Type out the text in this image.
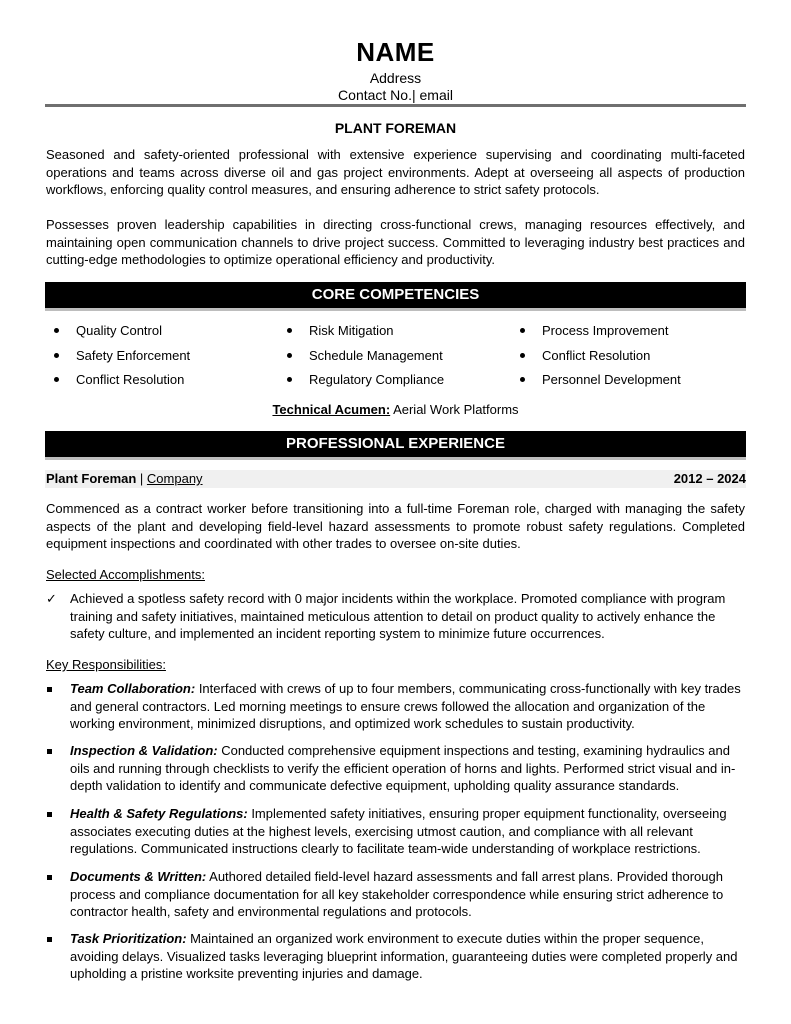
NAME
Address
Contact No.| email
PLANT FOREMAN

Seasoned and safety-oriented professional with extensive experience supervising and coordinating multi-faceted operations and teams across diverse oil and gas project environments. Adept at overseeing all aspects of production workflows, enforcing quality control measures, and ensuring adherence to strict safety protocols.

Possesses proven leadership capabilities in directing cross-functional crews, managing resources effectively, and maintaining open communication channels to drive project success. Committed to leveraging industry best practices and cutting-edge methodologies to optimize operational efficiency and productivity.

CORE COMPETENCIES
Quality Control
Safety Enforcement
Conflict Resolution
Risk Mitigation
Schedule Management
Regulatory Compliance
Process Improvement
Conflict Resolution
Personnel Development
Technical Acumen: Aerial Work Platforms
PROFESSIONAL EXPERIENCE
Plant Foreman | Company	2012 – 2024

Commenced as a contract worker before transitioning into a full-time Foreman role, charged with managing the safety aspects of the plant and developing field-level hazard assessments to promote robust safety regulations. Completed equipment inspections and coordinated with other trades to oversee on-site duties.

Selected Accomplishments:
✓ Achieved a spotless safety record with 0 major incidents within the workplace. Promoted compliance with program training and safety initiatives, maintained meticulous attention to detail on product quality to actively enhance the safety culture, and implemented an incident reporting system to minimize future occurrences.

Key Responsibilities:

Team Collaboration: Interfaced with crews of up to four members, communicating cross-functionally with key trades and general contractors. Led morning meetings to ensure crews followed the allocation and organization of the working environment, minimized disruptions, and optimized work schedules to sustain productivity.

Inspection & Validation: Conducted comprehensive equipment inspections and testing, examining hydraulics and oils and running through checklists to verify the efficient operation of horns and lights. Performed strict visual and in-depth validation to identify and communicate defective equipment, upholding quality assurance standards.

Health & Safety Regulations: Implemented safety initiatives, ensuring proper equipment functionality, overseeing associates executing duties at the highest levels, exercising utmost caution, and compliance with all relevant regulations. Communicated instructions clearly to facilitate team-wide understanding of workplace restrictions.

Documents & Written: Authored detailed field-level hazard assessments and fall arrest plans. Provided thorough process and compliance documentation for all key stakeholder correspondence while ensuring strict adherence to contractor health, safety and environmental regulations and protocols.

Task Prioritization: Maintained an organized work environment to execute duties within the proper sequence, avoiding delays. Visualized tasks leveraging blueprint information, guaranteeing duties were completed properly and upholding a pristine worksite preventing injuries and damage.
